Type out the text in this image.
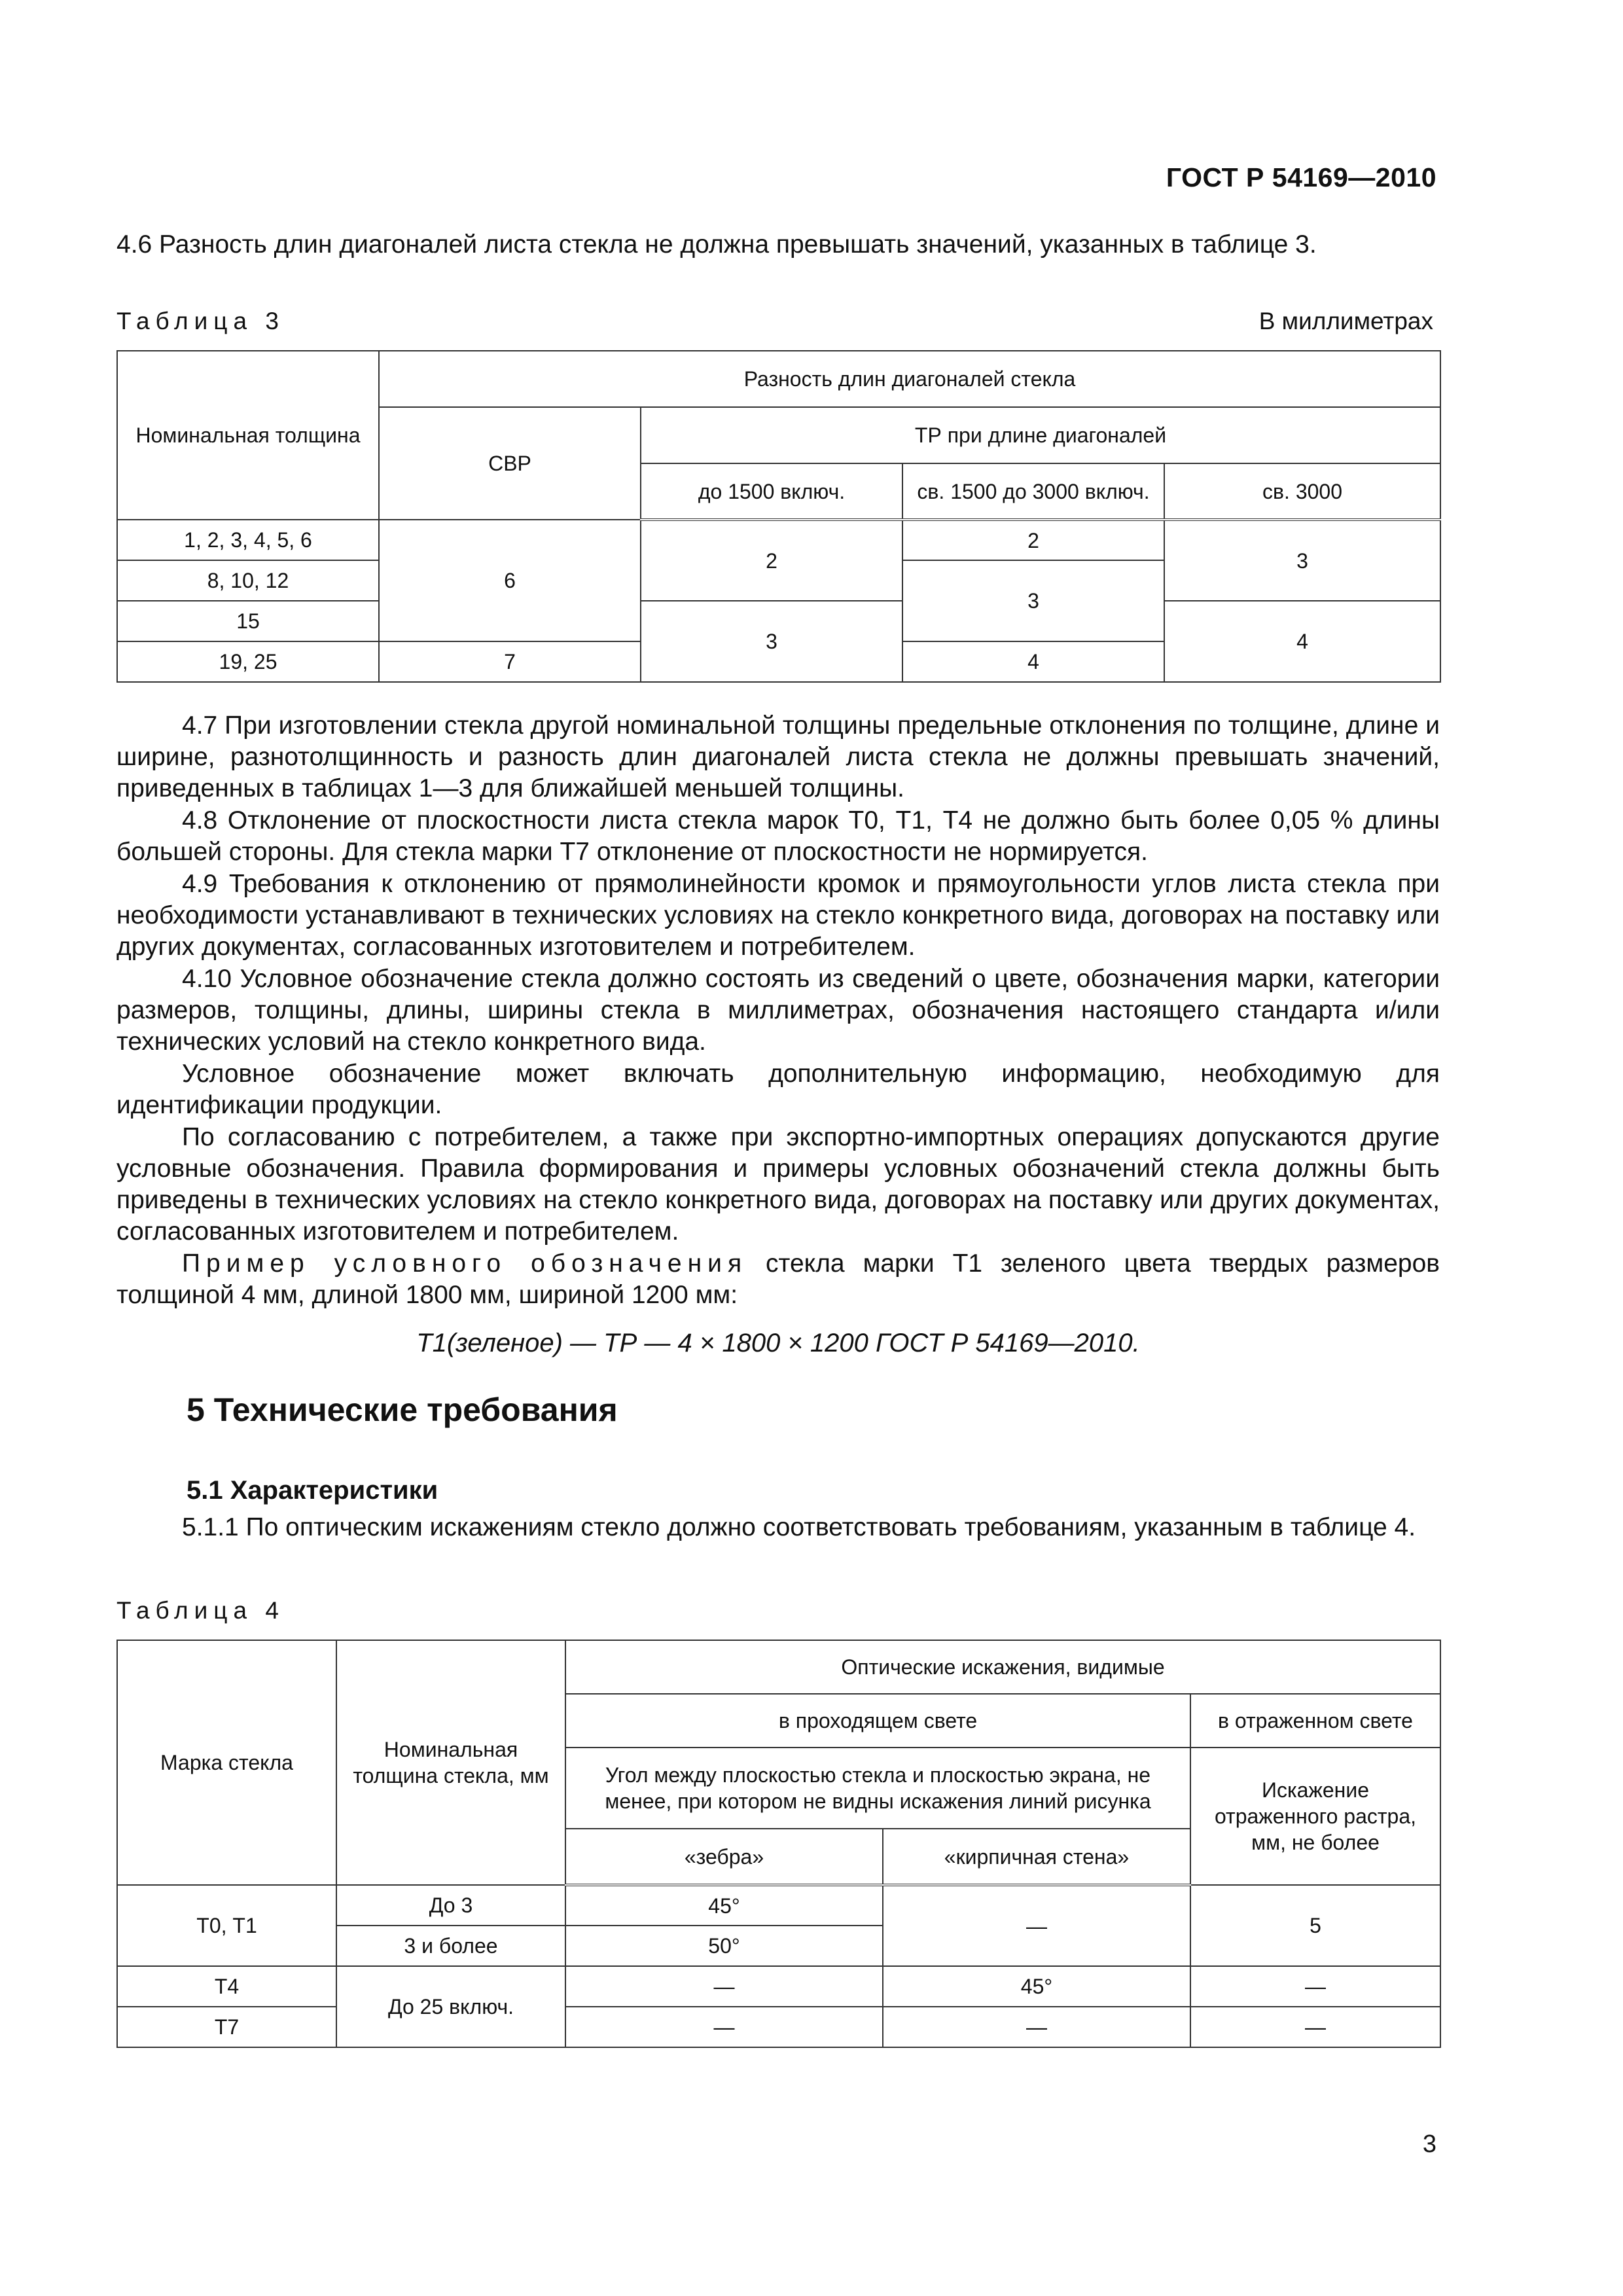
ГОСТ Р 54169—2010

4.6 Разность длин диагоналей листа стекла не должна превышать значений, указанных в таблице 3.

Таблица 3	В миллиметрах
Номинальная толщина	Разность длин диагоналей стекла			
	СВР	ТР при длине диагоналей		
		до 1500 включ.	св. 1500 до 3000 включ.	св. 3000
1, 2, 3, 4, 5, 6	6	2	2	3
8, 10, 12			3	
15		3		4
19, 25	7		4	

4.7 При изготовлении стекла другой номинальной толщины предельные отклонения по толщине, длине и ширине, разнотолщинность и разность длин диагоналей листа стекла не должны превышать значений, приведенных в таблицах 1—3 для ближайшей меньшей толщины.

4.8 Отклонение от плоскостности листа стекла марок Т0, Т1, Т4 не должно быть более 0,05 % длины большей стороны. Для стекла марки Т7 отклонение от плоскостности не нормируется.

4.9 Требования к отклонению от прямолинейности кромок и прямоугольности углов листа стекла при необходимости устанавливают в технических условиях на стекло конкретного вида, договорах на поставку или других документах, согласованных изготовителем и потребителем.

4.10 Условное обозначение стекла должно состоять из сведений о цвете, обозначения марки, категории размеров, толщины, длины, ширины стекла в миллиметрах, обозначения настоящего стандарта и/или технических условий на стекло конкретного вида.

Условное обозначение может включать дополнительную информацию, необходимую для идентификации продукции.

По согласованию с потребителем, а также при экспортно-импортных операциях допускаются другие условные обозначения. Правила формирования и примеры условных обозначений стекла должны быть приведены в технических условиях на стекло конкретного вида, договорах на поставку или других документах, согласованных изготовителем и потребителем.

Пример условного обозначения стекла марки Т1 зеленого цвета твердых размеров толщиной 4 мм, длиной 1800 мм, шириной 1200 мм:

Т1(зеленое) — ТР — 4 × 1800 × 1200 ГОСТ Р 54169—2010.
5 Технические требования
5.1 Характеристики

5.1.1 По оптическим искажениям стекло должно соответствовать требованиям, указанным в таблице 4.

Таблица 4
Марка стекла	Номинальная толщина стекла, мм	Оптические искажения, видимые		
		в проходящем свете		в отраженном свете
		Угол между плоскостью стекла и плоскостью экрана, не менее, при котором не видны искажения линий рисунка		Искажение отраженного растра, мм, не более
		«зебра»	«кирпичная стена»	
Т0, Т1	До 3	45°	—	5
	3 и более	50°		
Т4	До 25 включ.	—	45°	—
Т7		—	—	—
3
